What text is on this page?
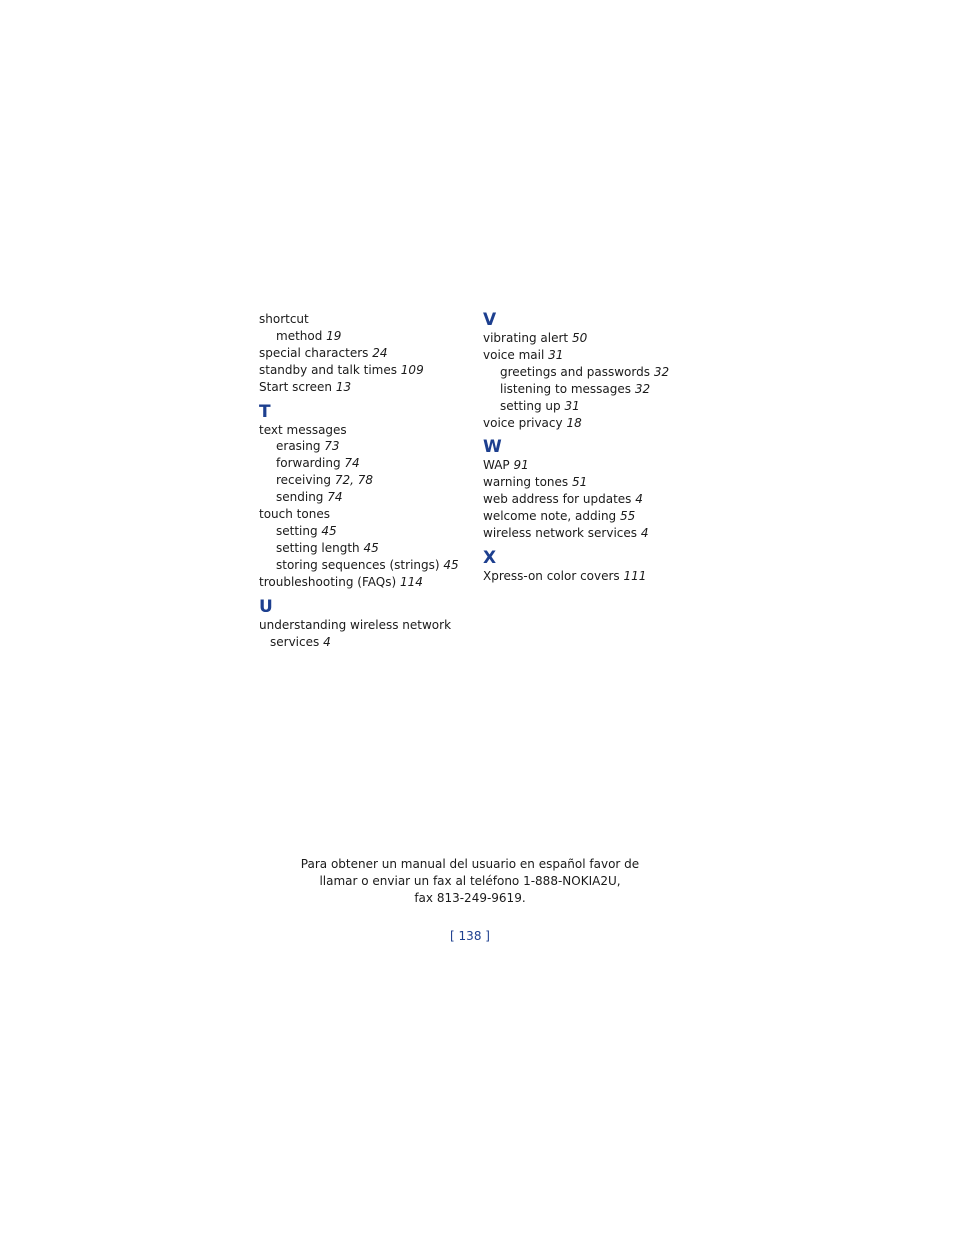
shortcut
method 19
special characters 24
standby and talk times 109
Start screen 13
T
text messages
erasing 73
forwarding 74
receiving 72, 78
sending 74
touch tones
setting 45
setting length 45
storing sequences (strings) 45
troubleshooting (FAQs) 114
U
understanding wireless network
services 4
V
vibrating alert 50
voice mail 31
greetings and passwords 32
listening to messages 32
setting up 31
voice privacy 18
W
WAP 91
warning tones 51
web address for updates 4
welcome note, adding 55
wireless network services 4
X
Xpress-on color covers 111
Para obtener un manual del usuario en español favor de
llamar o enviar un fax al teléfono 1-888-NOKIA2U,
fax 813-249-9619.
[ 138 ]
